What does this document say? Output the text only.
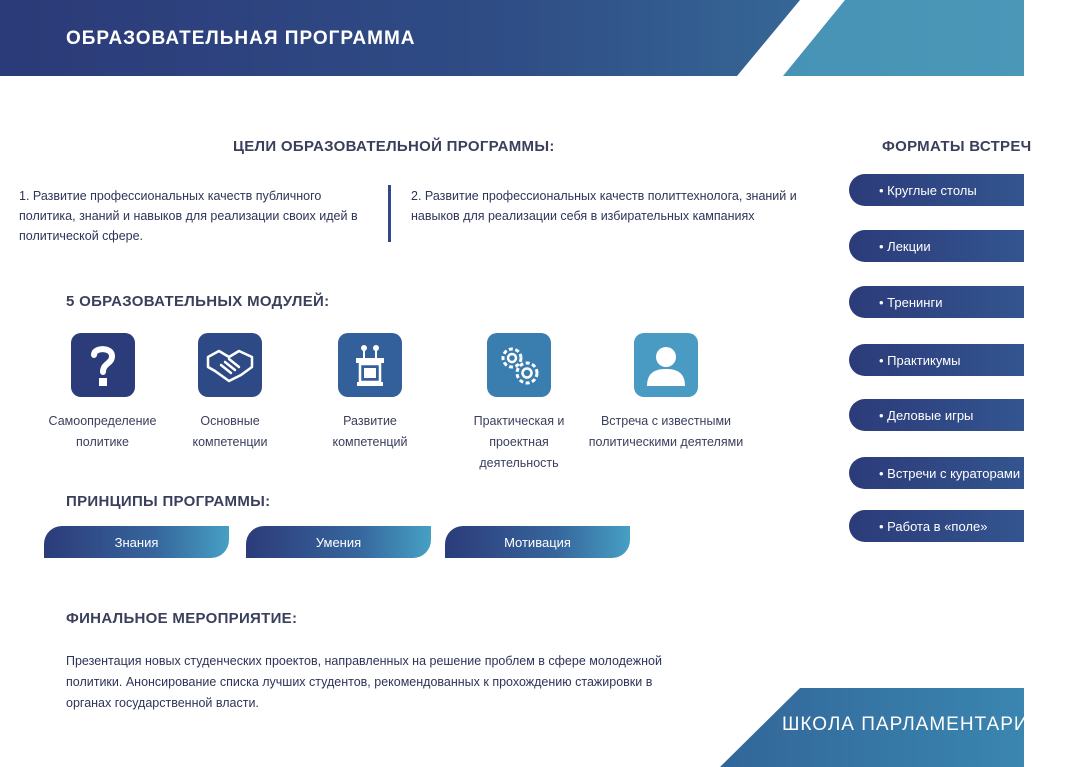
ОБРАЗОВАТЕЛЬНАЯ ПРОГРАММА
ЦЕЛИ ОБРАЗОВАТЕЛЬНОЙ ПРОГРАММЫ:
1. Развитие профессиональных качеств публичного политика, знаний и навыков для реализации своих идей в политической сфере.
2. Развитие профессиональных качеств политтехнолога, знаний и навыков для реализации себя в избирательных кампаниях
5 ОБРАЗОВАТЕЛЬНЫХ МОДУЛЕЙ:
Самоопределение политике
Основные компетенции
Развитие компетенций
Практическая и проектная деятельность
Встреча с известными политическими деятелями
ПРИНЦИПЫ ПРОГРАММЫ:
Знания	Умения	Мотивация
ФИНАЛЬНОЕ МЕРОПРИЯТИЕ:
Презентация новых студенческих проектов, направленных на решение проблем в сфере молодежной политики. Анонсирование списка лучших студентов, рекомендованных к прохождению стажировки в органах государственной власти.
ФОРМАТЫ ВСТРЕЧ
• Круглые столы
• Лекции
• Тренинги
• Практикумы
• Деловые игры
• Встречи с кураторами
• Работа в «поле»
ШКОЛА ПАРЛАМЕНТАРИЗМА
